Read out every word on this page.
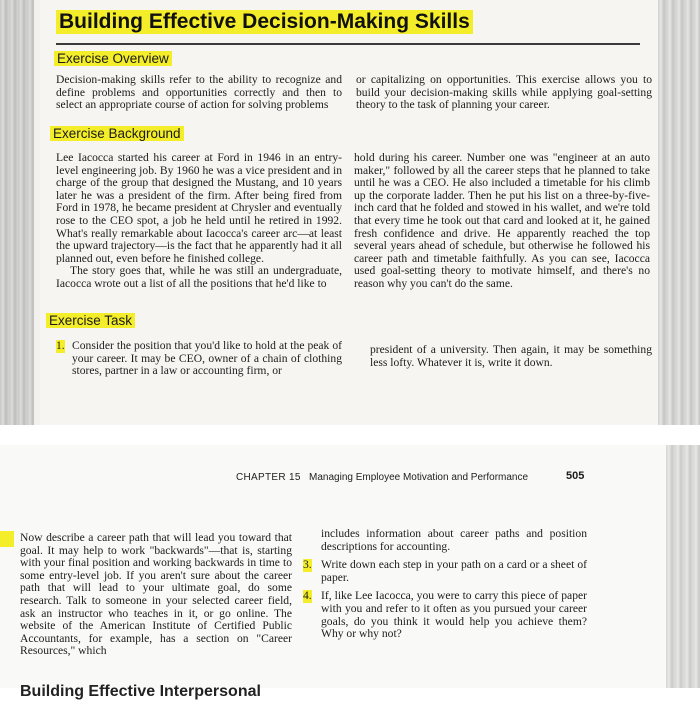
Building Effective Decision-Making Skills
Exercise Overview

Decision-making skills refer to the ability to recognize and define problems and opportunities correctly and then to select an appropriate course of action for solving problems

or capitalizing on opportunities. This exercise allows you to build your decision-making skills while applying goal-setting theory to the task of planning your career.

Exercise Background

Lee Iacocca started his career at Ford in 1946 in an entry-level engineering job. By 1960 he was a vice president and in charge of the group that designed the Mustang, and 10 years later he was a president of the firm. After being fired from Ford in 1978, he became president at Chrysler and eventually rose to the CEO spot, a job he held until he retired in 1992. What's really remarkable about Iacocca's career arc—at least the upward trajectory—is the fact that he apparently had it all planned out, even before he finished college.

The story goes that, while he was still an undergraduate, Iacocca wrote out a list of all the positions that he'd like to

hold during his career. Number one was "engineer at an auto maker," followed by all the career steps that he planned to take until he was a CEO. He also included a timetable for his climb up the corporate ladder. Then he put his list on a three-by-five-inch card that he folded and stowed in his wallet, and we're told that every time he took out that card and looked at it, he gained fresh confidence and drive. He apparently reached the top several years ahead of schedule, but otherwise he followed his career path and timetable faithfully. As you can see, Iacocca used goal-setting theory to motivate himself, and there's no reason why you can't do the same.

Exercise Task
1. Consider the position that you'd like to hold at the peak of your career. It may be CEO, owner of a chain of clothing stores, partner in a law or accounting firm, or

president of a university. Then again, it may be something less lofty. Whatever it is, write it down.

CHAPTER 15 Managing Employee Motivation and Performance	505

Now describe a career path that will lead you toward that goal. It may help to work "backwards"—that is, starting with your final position and working backwards in time to some entry-level job. If you aren't sure about the career path that will lead to your ultimate goal, do some research. Talk to someone in your selected career field, ask an instructor who teaches in it, or go online. The website of the American Institute of Certified Public Accountants, for example, has a section on "Career Resources," which

includes information about career paths and position descriptions for accounting.

3. Write down each step in your path on a card or a sheet of paper.
4. If, like Lee Iacocca, you were to carry this piece of paper with you and refer to it often as you pursued your career goals, do you think it would help you achieve them? Why or why not?
Building Effective Interpersonal
